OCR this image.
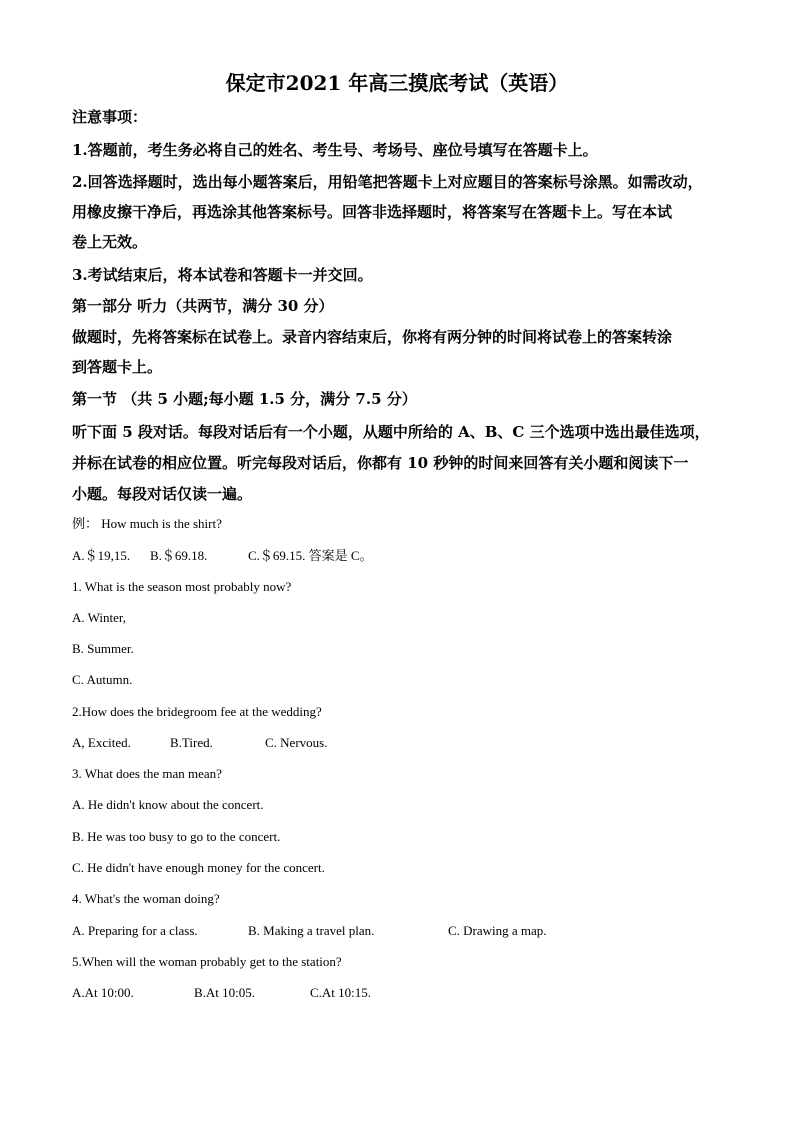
保定市2021 年高三摸底考试（英语）
注意事项：
1.答题前，考生务必将自己的姓名、考生号、考场号、座位号填写在答题卡上。
2.回答选择题时，选出每小题答案后，用铅笔把答题卡上对应题目的答案标号涂黑。如需改动，
用橡皮擦干净后，再选涂其他答案标号。回答非选择题时，将答案写在答题卡上。写在本试
卷上无效。
3.考试结束后，将本试卷和答题卡一并交回。
第一部分 听力（共两节，满分 30 分）
做题时，先将答案标在试卷上。录音内容结束后，你将有两分钟的时间将试卷上的答案转涂
到答题卡上。
第一节 （共 5 小题;每小题 1.5 分，满分 7.5 分）
听下面 5 段对话。每段对话后有一个小题，从题中所给的 A、B、C 三个选项中选出最佳选项，
并标在试卷的相应位置。听完每段对话后，你都有 10 秒钟的时间来回答有关小题和阅读下一
小题。每段对话仅读一遍。
例： How much is the shirt?
A.＄19,15. B.＄69.18.	C.＄69.15. 答案是 C。
1. What is the season most probably now?
A. Winter,
B. Summer.
C. Autumn.
2.How does the bridegroom fee at the wedding?
A, Excited.	B.Tired.	C. Nervous.
3. What does the man mean?
A. He didn't know about the concert.
B. He was too busy to go to the concert.
C. He didn't have enough money for the concert.
4. What's the woman doing?
A. Preparing for a class.	B. Making a travel plan.	C. Drawing a map.
5.When will the woman probably get to the station?
A.At 10:00.	B.At 10:05.	C.At 10:15.
